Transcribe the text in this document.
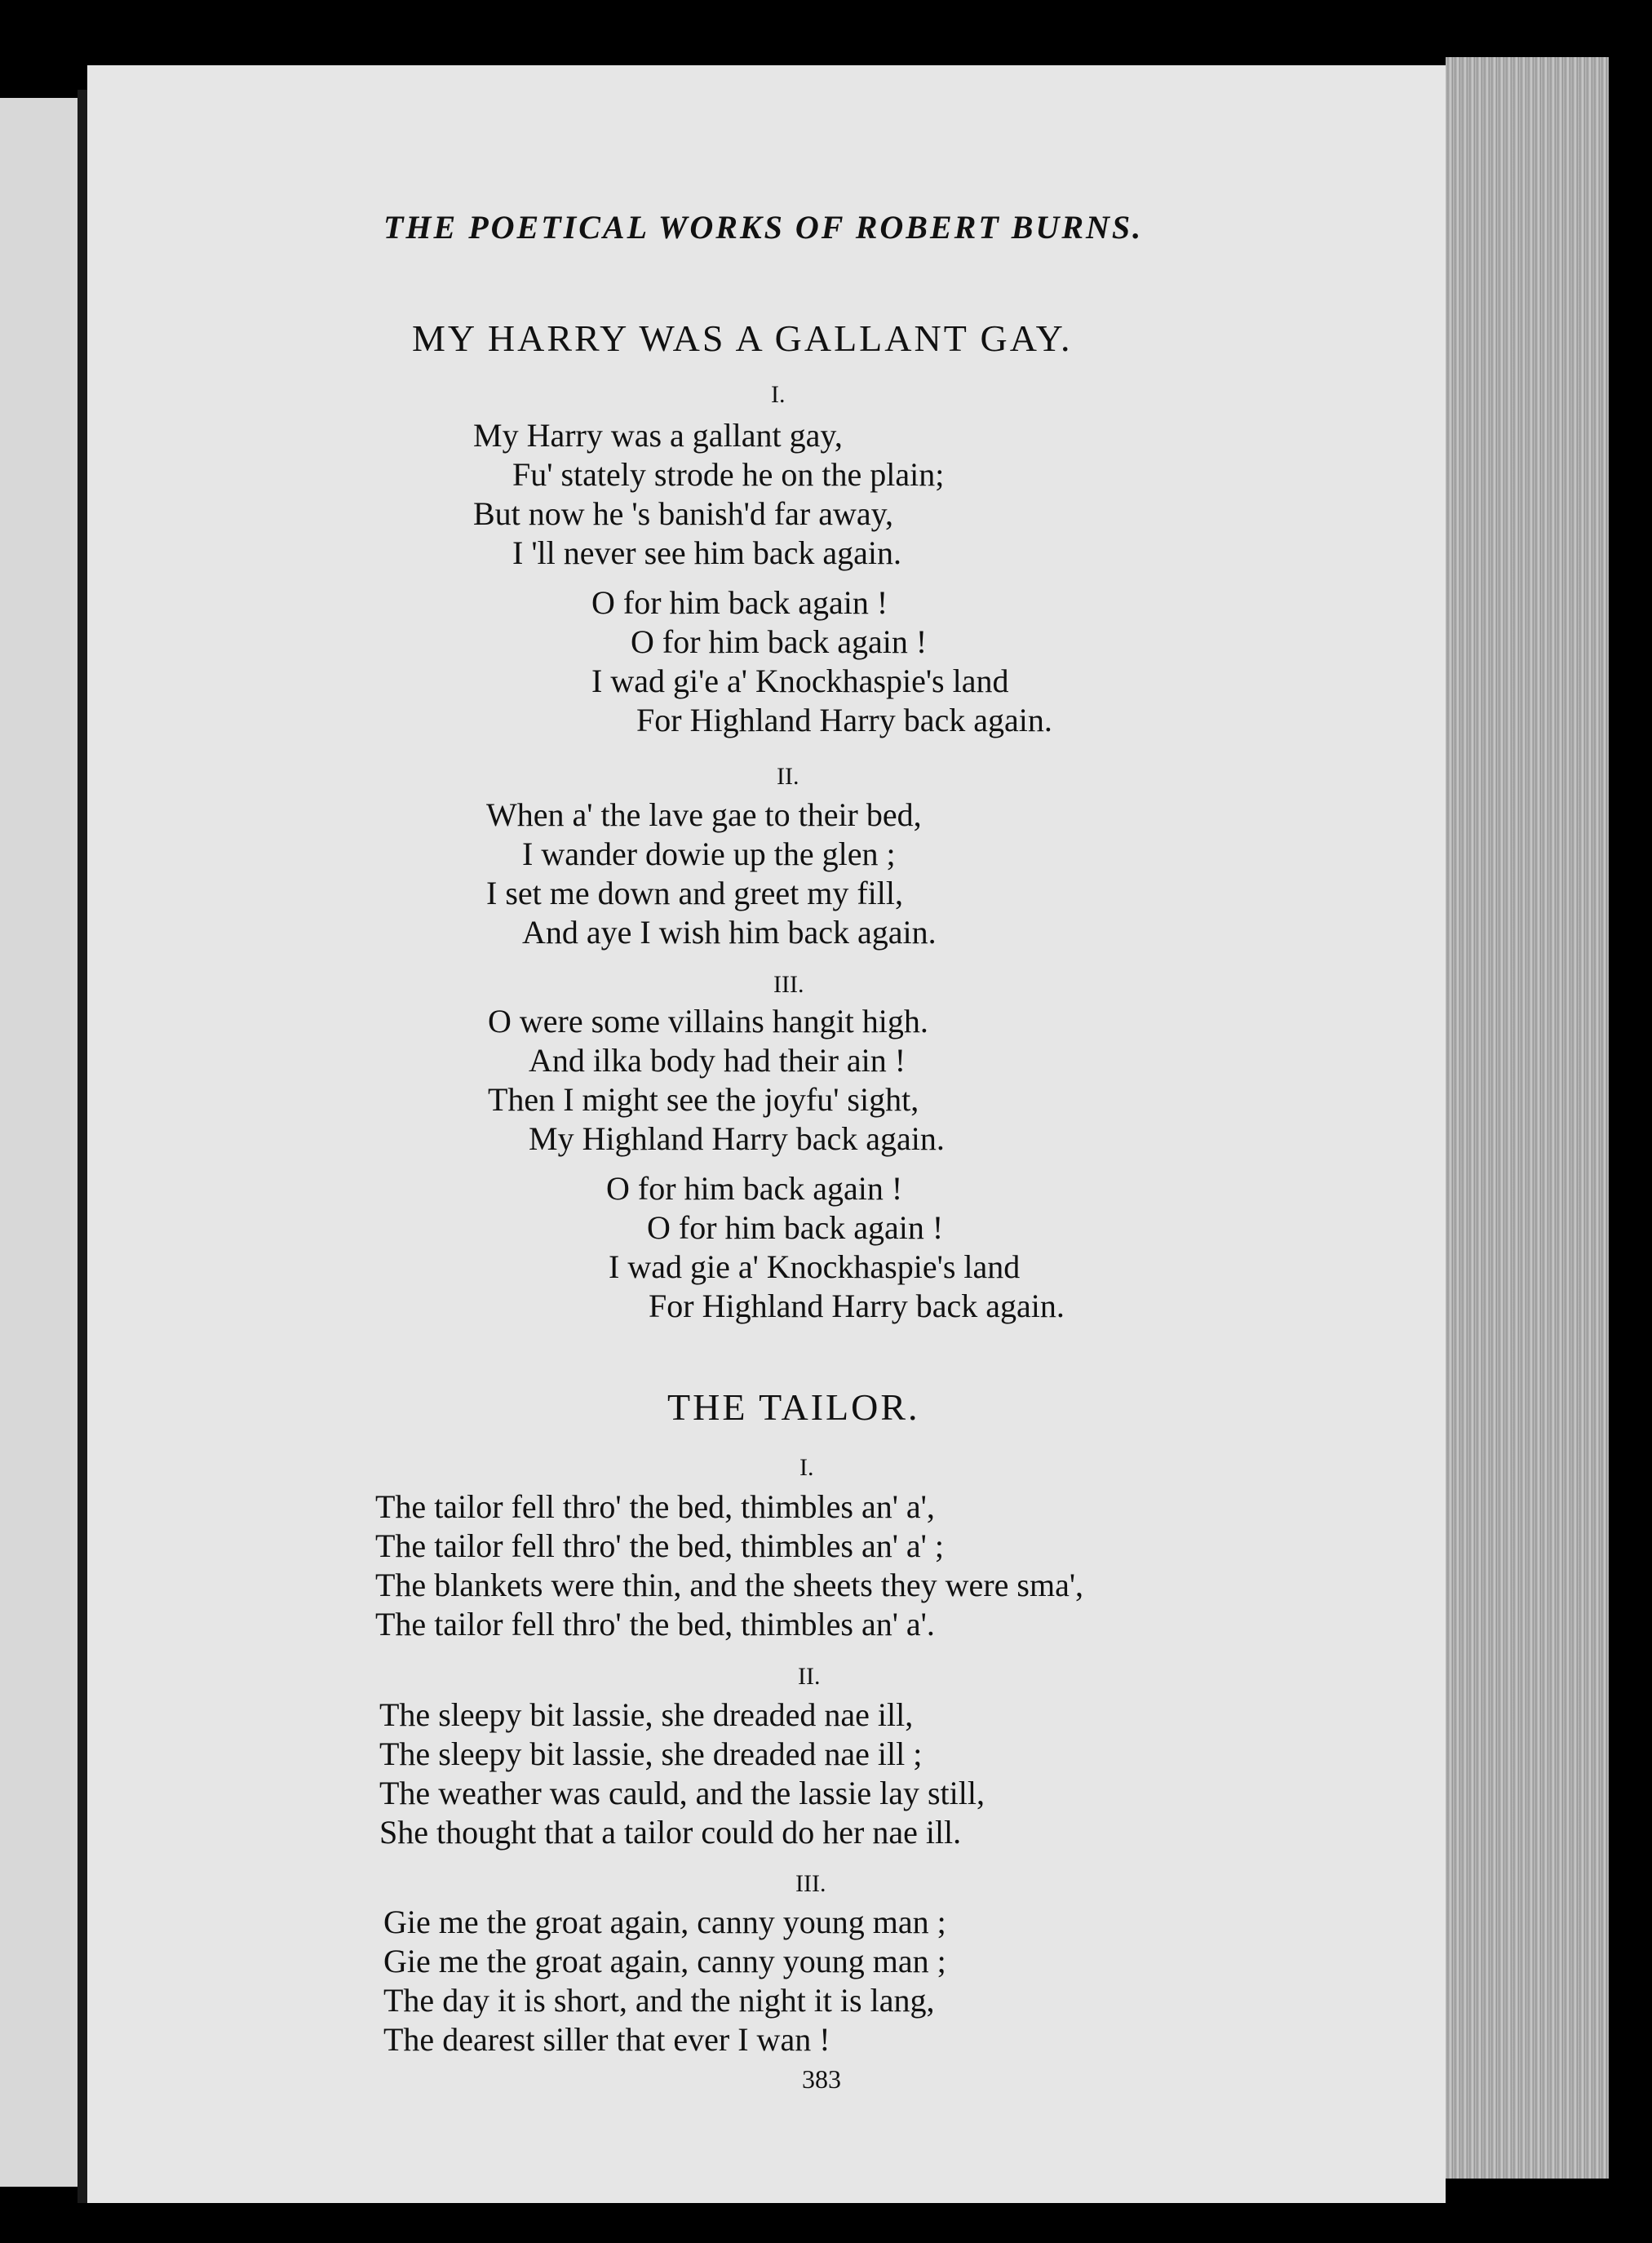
THE POETICAL WORKS OF ROBERT BURNS.
MY HARRY WAS A GALLANT GAY.
I.
My Harry was a gallant gay,
Fu' stately strode he on the plain;
But now he 's banish'd far away,
I 'll never see him back again.
O for him back again !
O for him back again !
I wad gi'e a' Knockhaspie's land
For Highland Harry back again.
II.
When a' the lave gae to their bed,
I wander dowie up the glen ;
I set me down and greet my fill,
And aye I wish him back again.
III.
O were some villains hangit high.
And ilka body had their ain !
Then I might see the joyfu' sight,
My Highland Harry back again.
O for him back again !
O for him back again !
I wad gie a' Knockhaspie's land
For Highland Harry back again.
THE TAILOR.
I.
The tailor fell thro' the bed, thimbles an' a',
The tailor fell thro' the bed, thimbles an' a' ;
The blankets were thin, and the sheets they were sma',
The tailor fell thro' the bed, thimbles an' a'.
II.
The sleepy bit lassie, she dreaded nae ill,
The sleepy bit lassie, she dreaded nae ill ;
The weather was cauld, and the lassie lay still,
She thought that a tailor could do her nae ill.
III.
Gie me the groat again, canny young man ;
Gie me the groat again, canny young man ;
The day it is short, and the night it is lang,
The dearest siller that ever I wan !
383
